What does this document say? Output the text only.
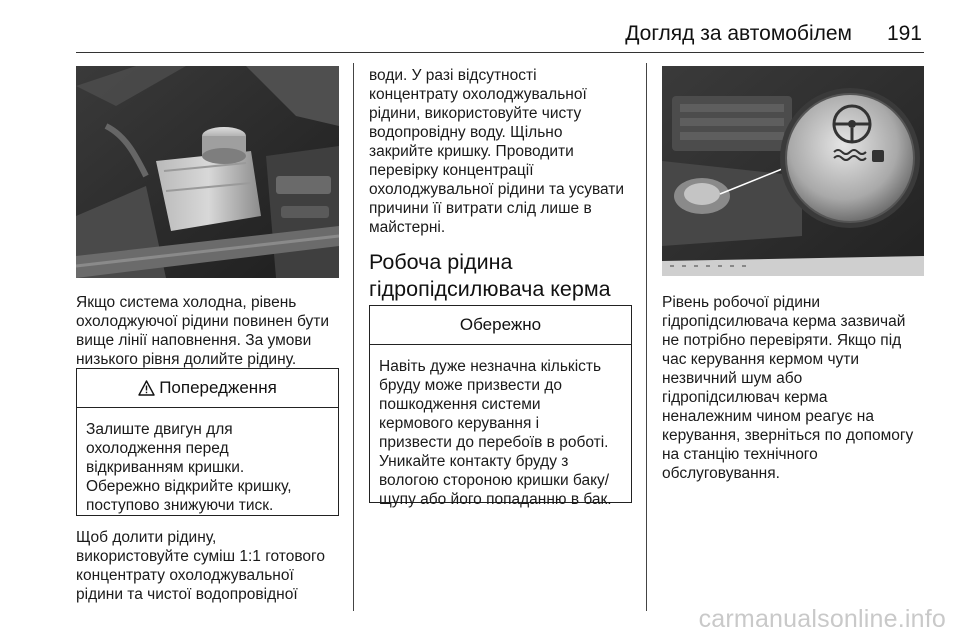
Догляд за автомобілем 191

Якщо система холодна, рівень
охолоджуючої рідини повинен бути
вище лінії наповнення. За умови
низького рівня долийте рідину.

Попередження
Залиште двигун для
охолодження перед
відкриванням кришки.
Обережно відкрийте кришку,
поступово знижуючи тиск.

Щоб долити рідину,
використовуйте суміш 1:1 готового
концентрату охолоджувальної
рідини та чистої водопровідної

води. У разі відсутності
концентрату охолоджувальної
рідини, використовуйте чисту
водопровідну воду. Щільно
закрийте кришку. Проводити
перевірку концентрації
охолоджувальної рідини та усувати
причини її витрати слід лише в
майстерні.

Робоча рідина
гідропідсилювача керма
Обережно
Навіть дуже незначна кількість
бруду може призвести до
пошкодження системи
кермового керування і
призвести до перебоїв в роботі.
Уникайте контакту бруду з
вологою стороною кришки баку/
щупу або його попаданню в бак.

Рівень робочої рідини
гідропідсилювача керма зазвичай
не потрібно перевіряти. Якщо під
час керування кермом чути
незвичний шум або
гідропідсилювач керма
неналежним чином реагує на
керування, зверніться по допомогу
на станцію технічного
обслуговування.

carmanualsonline.info
